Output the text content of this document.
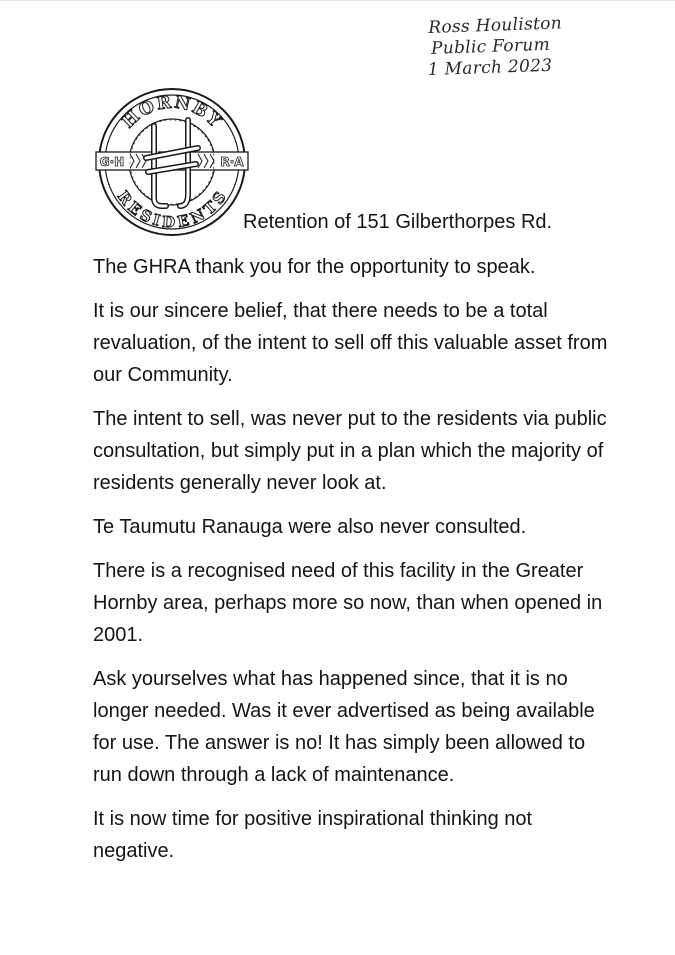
Ross Houliston
Public Forum
1 March 2023
HORNBY
RESIDENTS
G·H	R·A
Retention of 151 Gilberthorpes Rd.

The GHRA thank you for the opportunity to speak.

It is our sincere belief, that there needs to be a total revaluation, of the intent to sell off this valuable asset from our Community.

The intent to sell, was never put to the residents via public consultation, but simply put in a plan which the majority of residents generally never look at.

Te Taumutu Ranauga were also never consulted.

There is a recognised need of this facility in the Greater Hornby area, perhaps more so now, than when opened in 2001.

Ask yourselves what has happened since, that it is no longer needed. Was it ever advertised as being available for use. The answer is no! It has simply been allowed to run down through a lack of maintenance.

It is now time for positive inspirational thinking not negative.
